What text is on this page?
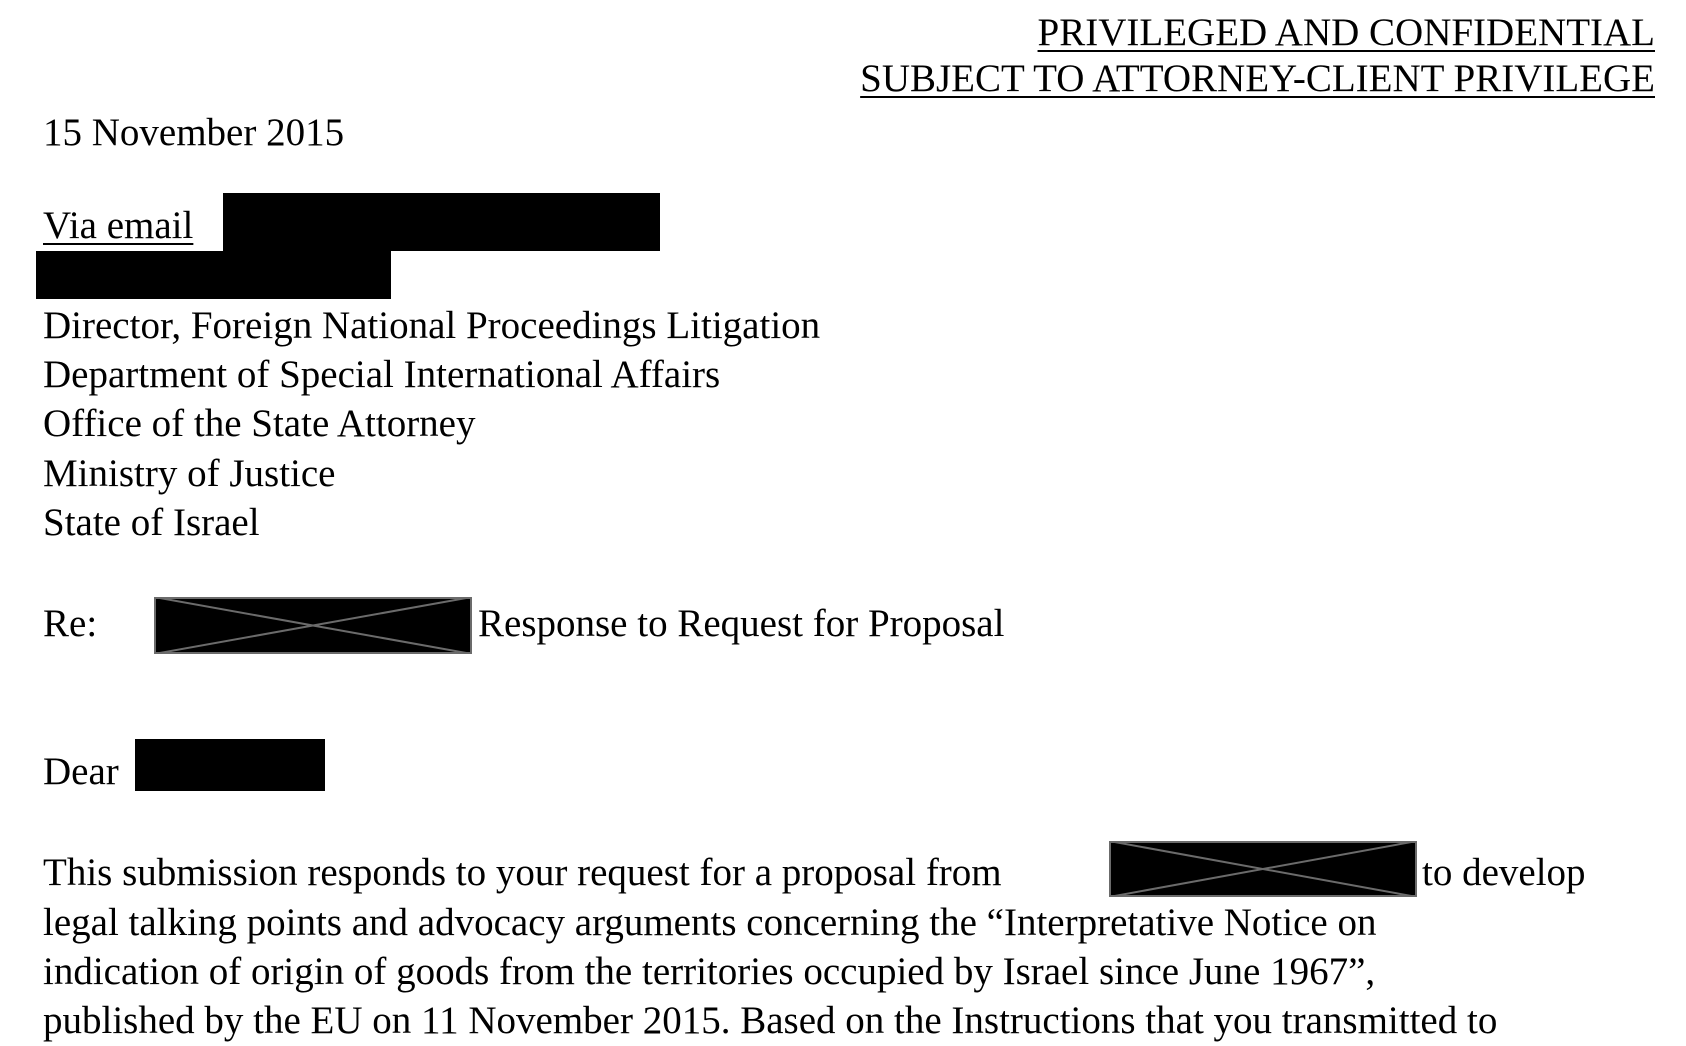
PRIVILEGED AND CONFIDENTIAL
SUBJECT TO ATTORNEY-CLIENT PRIVILEGE
15 November 2015
Via email
Director, Foreign National Proceedings Litigation
Department of Special International Affairs
Office of the State Attorney
Ministry of Justice
State of Israel
Re:	Response to Request for Proposal
Dear
This submission responds to your request for a proposal from	to develop
legal talking points and advocacy arguments concerning the “Interpretative Notice on
indication of origin of goods from the territories occupied by Israel since June 1967”,
published by the EU on 11 November 2015. Based on the Instructions that you transmitted to
